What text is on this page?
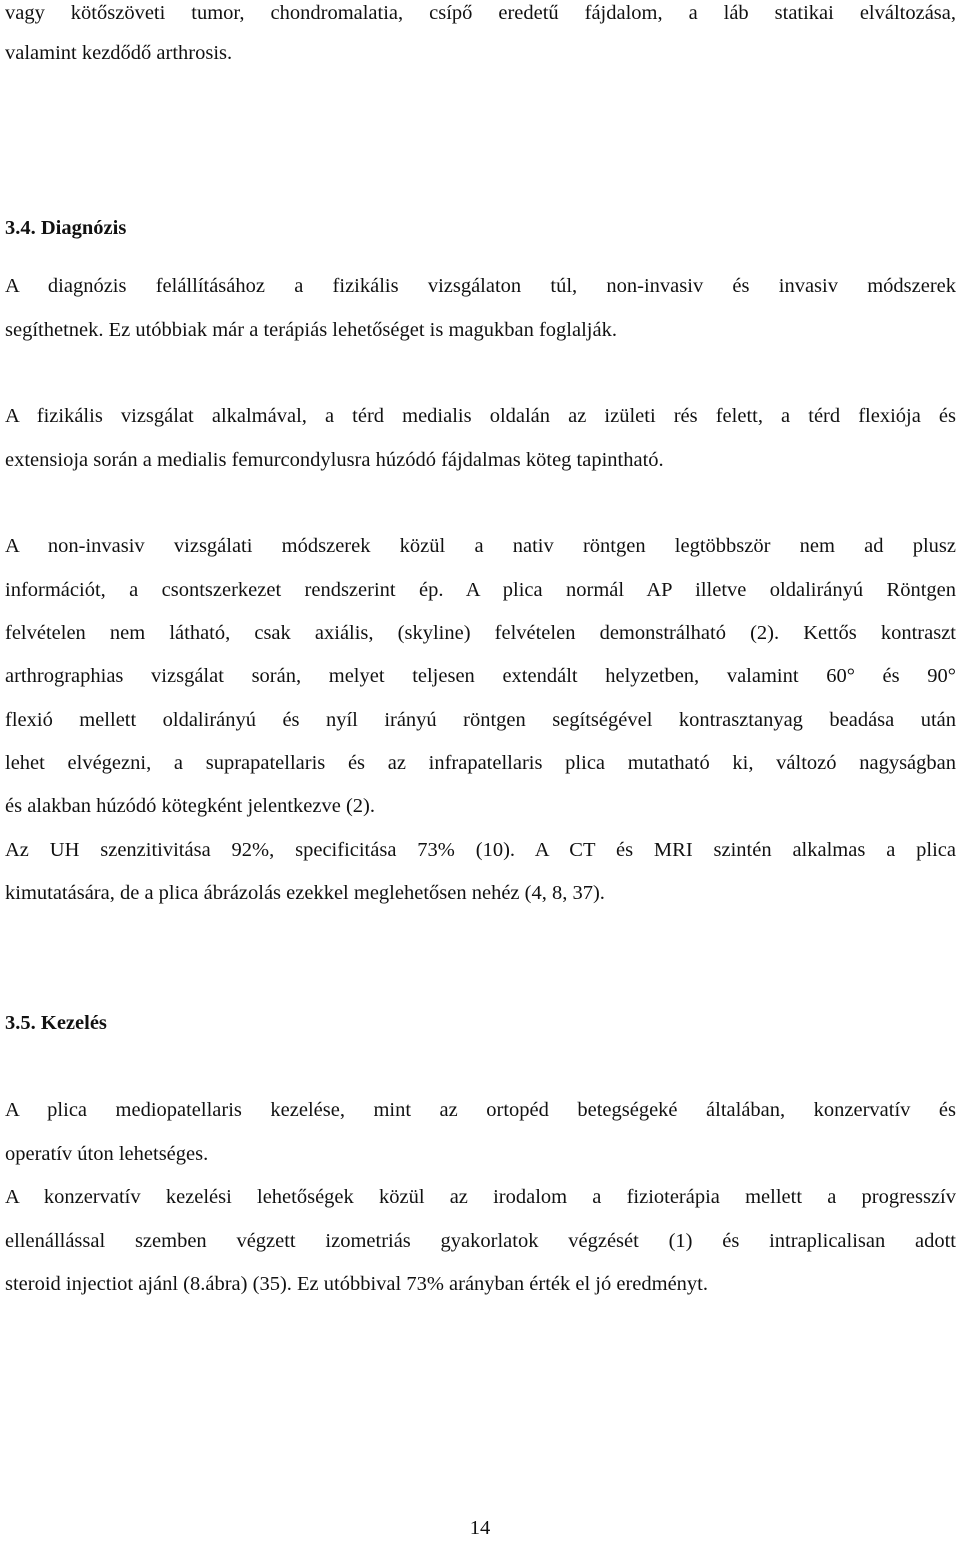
vagy kötőszöveti tumor, chondromalatia, csípő eredetű fájdalom, a láb statikai elváltozása,
valamint kezdődő arthrosis.
3.4. Diagnózis
A diagnózis felállításához a fizikális vizsgálaton túl, non-invasiv és invasiv módszerek
segíthetnek. Ez utóbbiak már a terápiás lehetőséget is magukban foglalják.
A fizikális vizsgálat alkalmával, a térd medialis oldalán az izületi rés felett, a térd flexiója és
extensioja során a medialis femurcondylusra húzódó fájdalmas köteg tapintható.
A non-invasiv vizsgálati módszerek közül a nativ röntgen legtöbbször nem ad plusz
információt, a csontszerkezet rendszerint ép. A plica normál AP illetve oldalirányú Röntgen
felvételen nem látható, csak axiális, (skyline) felvételen demonstrálható (2). Kettős kontraszt
arthrographias vizsgálat során, melyet teljesen extendált helyzetben, valamint 60° és 90°
flexió mellett oldalirányú és nyíl irányú röntgen segítségével kontrasztanyag beadása után
lehet elvégezni, a suprapatellaris és az infrapatellaris plica mutatható ki, változó nagyságban
és alakban húzódó kötegként jelentkezve (2).
Az UH szenzitivitása 92%, specificitása 73% (10). A CT és MRI szintén alkalmas a plica
kimutatására, de a plica ábrázolás ezekkel meglehetősen nehéz (4, 8, 37).
3.5. Kezelés
A plica mediopatellaris kezelése, mint az ortopéd betegségeké általában, konzervatív és
operatív úton lehetséges.
A konzervatív kezelési lehetőségek közül az irodalom a fizioterápia mellett a progresszív
ellenállással szemben végzett izometriás gyakorlatok végzését (1) és intraplicalisan adott
steroid injectiot ajánl (8.ábra) (35). Ez utóbbival 73% arányban érték el jó eredményt.
14
